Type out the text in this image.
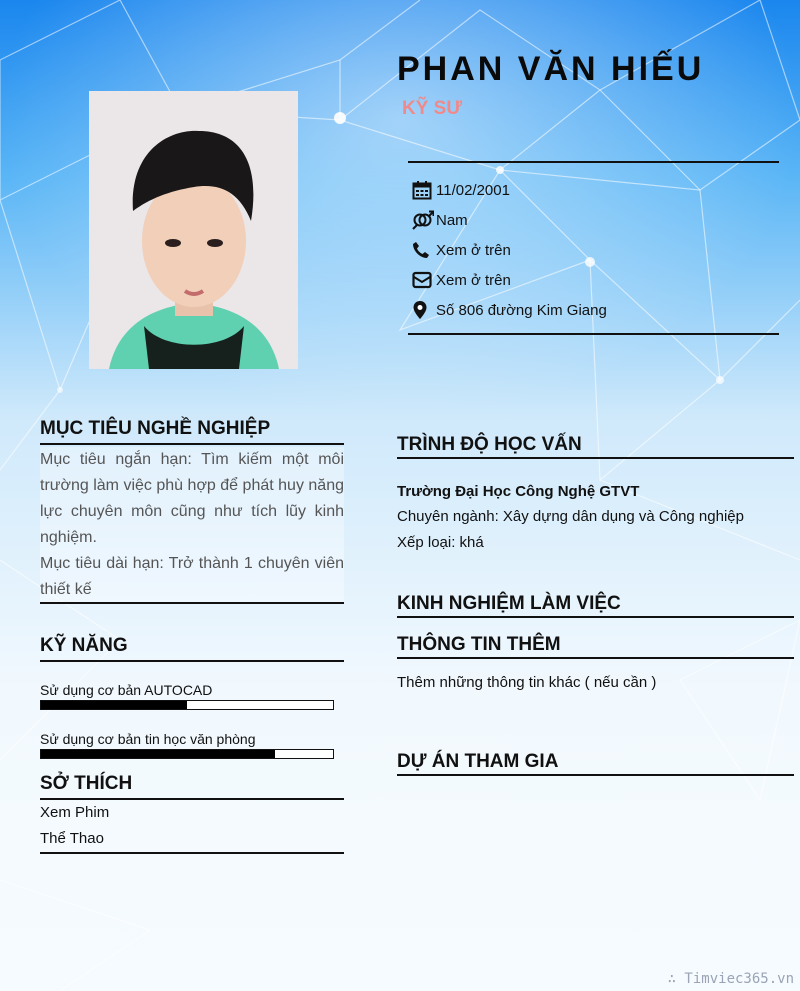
PHAN VĂN HIẾU
KỸ SƯ
11/02/2001
Nam
Xem ở trên
Xem ở trên
Số 806 đường Kim Giang
MỤC TIÊU NGHỀ NGHIỆP

Mục tiêu ngắn hạn: Tìm kiếm một môi trường làm việc phù hợp để phát huy năng lực chuyên môn cũng như tích lũy kinh nghiệm.

Mục tiêu dài hạn: Trở thành 1 chuyên viên thiết kế

KỸ NĂNG
Sử dụng cơ bản AUTOCAD
Sử dụng cơ bản tin học văn phòng
SỞ THÍCH
Xem Phim
Thể Thao
TRÌNH ĐỘ HỌC VẤN
Trường Đại Học Công Nghệ GTVT
Chuyên ngành: Xây dựng dân dụng và Công nghiệp
Xếp loại: khá
KINH NGHIỆM LÀM VIỆC
THÔNG TIN THÊM
Thêm những thông tin khác ( nếu cần )
DỰ ÁN THAM GIA
∴ Timviec365.vn
